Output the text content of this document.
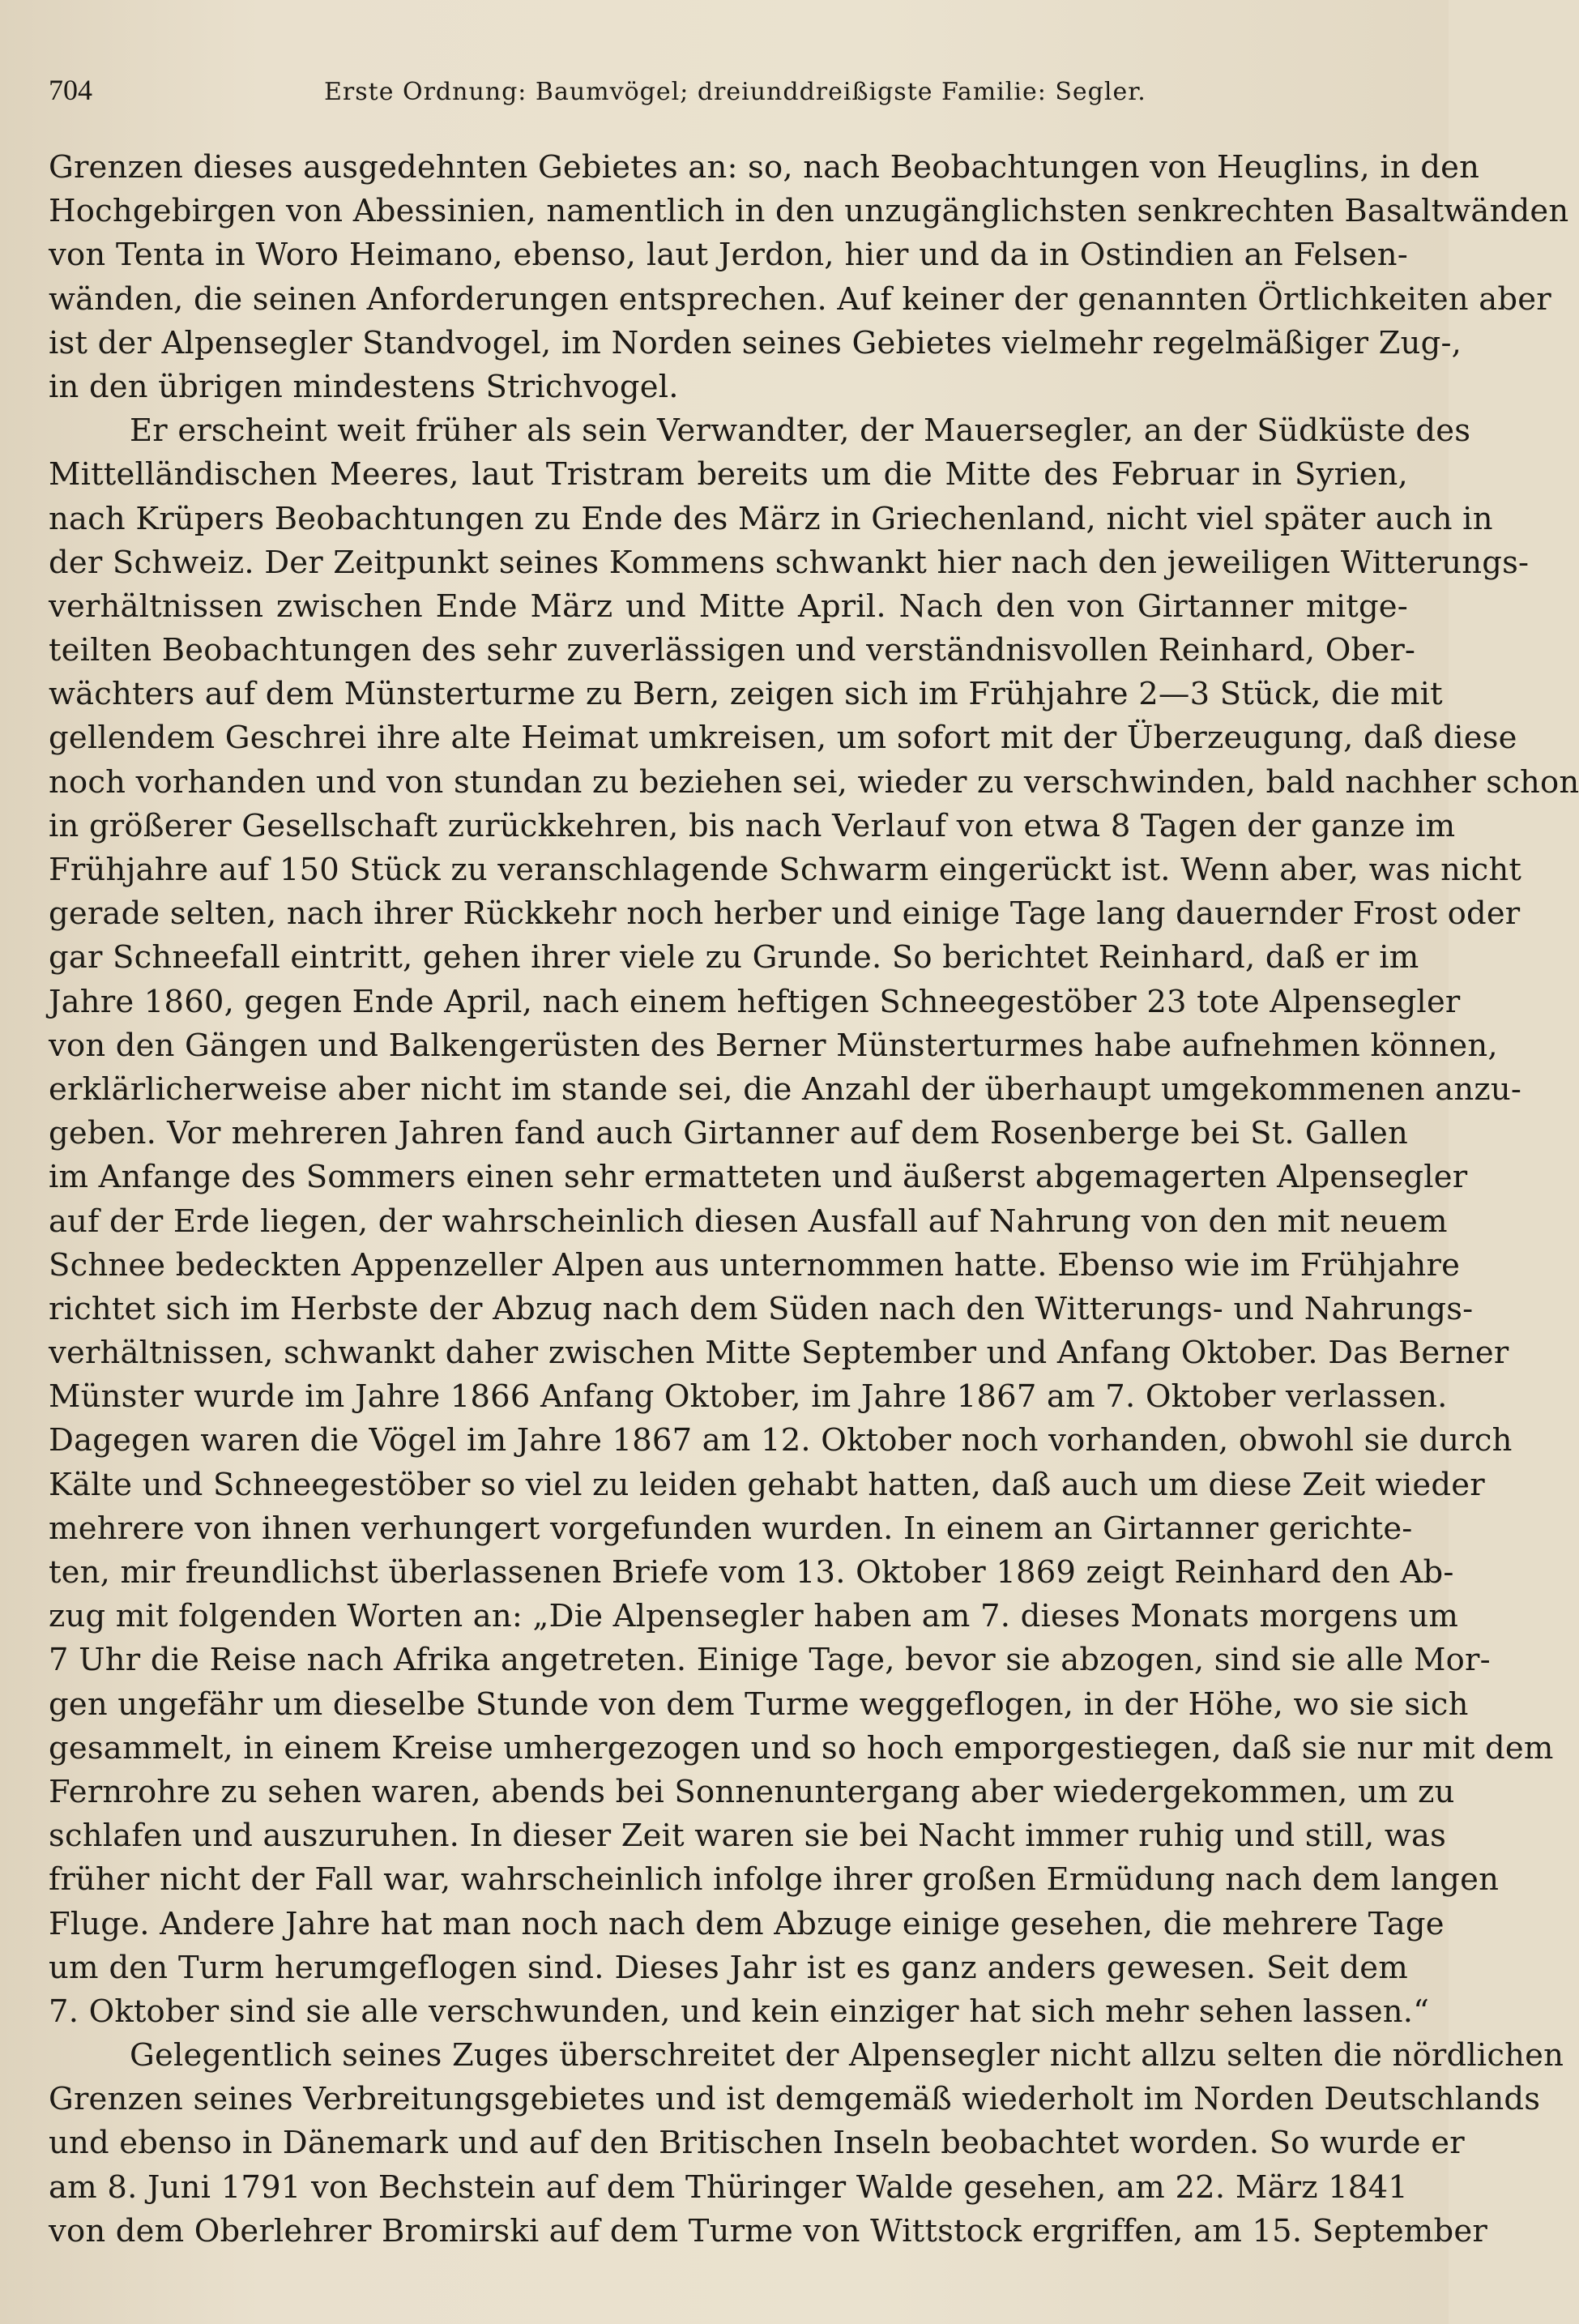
704	Erste Ordnung: Baumvögel; dreiunddreißigste Familie: Segler.
Grenzen dieses ausgedehnten Gebietes an: so, nach Beobachtungen von Heuglins, in den
Hochgebirgen von Abessinien, namentlich in den unzugänglichsten senkrechten Basaltwänden
von Tenta in Woro Heimano, ebenso, laut Jerdon, hier und da in Ostindien an Felsen-
wänden, die seinen Anforderungen entsprechen. Auf keiner der genannten Örtlichkeiten aber
ist der Alpensegler Standvogel, im Norden seines Gebietes vielmehr regelmäßiger Zug-,
in den übrigen mindestens Strichvogel.
Er erscheint weit früher als sein Verwandter, der Mauersegler, an der Südküste des
Mittelländischen Meeres, laut Tristram bereits um die Mitte des Februar in Syrien,
nach Krüpers Beobachtungen zu Ende des März in Griechenland, nicht viel später auch in
der Schweiz. Der Zeitpunkt seines Kommens schwankt hier nach den jeweiligen Witterungs-
verhältnissen zwischen Ende März und Mitte April. Nach den von Girtanner mitge-
teilten Beobachtungen des sehr zuverlässigen und verständnisvollen Reinhard, Ober-
wächters auf dem Münsterturme zu Bern, zeigen sich im Frühjahre 2—3 Stück, die mit
gellendem Geschrei ihre alte Heimat umkreisen, um sofort mit der Überzeugung, daß diese
noch vorhanden und von stundan zu beziehen sei, wieder zu verschwinden, bald nachher schon
in größerer Gesellschaft zurückkehren, bis nach Verlauf von etwa 8 Tagen der ganze im
Frühjahre auf 150 Stück zu veranschlagende Schwarm eingerückt ist. Wenn aber, was nicht
gerade selten, nach ihrer Rückkehr noch herber und einige Tage lang dauernder Frost oder
gar Schneefall eintritt, gehen ihrer viele zu Grunde. So berichtet Reinhard, daß er im
Jahre 1860, gegen Ende April, nach einem heftigen Schneegestöber 23 tote Alpensegler
von den Gängen und Balkengerüsten des Berner Münsterturmes habe aufnehmen können,
erklärlicherweise aber nicht im stande sei, die Anzahl der überhaupt umgekommenen anzu-
geben. Vor mehreren Jahren fand auch Girtanner auf dem Rosenberge bei St. Gallen
im Anfange des Sommers einen sehr ermatteten und äußerst abgemagerten Alpensegler
auf der Erde liegen, der wahrscheinlich diesen Ausfall auf Nahrung von den mit neuem
Schnee bedeckten Appenzeller Alpen aus unternommen hatte. Ebenso wie im Frühjahre
richtet sich im Herbste der Abzug nach dem Süden nach den Witterungs- und Nahrungs-
verhältnissen, schwankt daher zwischen Mitte September und Anfang Oktober. Das Berner
Münster wurde im Jahre 1866 Anfang Oktober, im Jahre 1867 am 7. Oktober verlassen.
Dagegen waren die Vögel im Jahre 1867 am 12. Oktober noch vorhanden, obwohl sie durch
Kälte und Schneegestöber so viel zu leiden gehabt hatten, daß auch um diese Zeit wieder
mehrere von ihnen verhungert vorgefunden wurden. In einem an Girtanner gerichte-
ten, mir freundlichst überlassenen Briefe vom 13. Oktober 1869 zeigt Reinhard den Ab-
zug mit folgenden Worten an: „Die Alpensegler haben am 7. dieses Monats morgens um
7 Uhr die Reise nach Afrika angetreten. Einige Tage, bevor sie abzogen, sind sie alle Mor-
gen ungefähr um dieselbe Stunde von dem Turme weggeflogen, in der Höhe, wo sie sich
gesammelt, in einem Kreise umhergezogen und so hoch emporgestiegen, daß sie nur mit dem
Fernrohre zu sehen waren, abends bei Sonnenuntergang aber wiedergekommen, um zu
schlafen und auszuruhen. In dieser Zeit waren sie bei Nacht immer ruhig und still, was
früher nicht der Fall war, wahrscheinlich infolge ihrer großen Ermüdung nach dem langen
Fluge. Andere Jahre hat man noch nach dem Abzuge einige gesehen, die mehrere Tage
um den Turm herumgeflogen sind. Dieses Jahr ist es ganz anders gewesen. Seit dem
7. Oktober sind sie alle verschwunden, und kein einziger hat sich mehr sehen lassen.“
Gelegentlich seines Zuges überschreitet der Alpensegler nicht allzu selten die nördlichen
Grenzen seines Verbreitungsgebietes und ist demgemäß wiederholt im Norden Deutschlands
und ebenso in Dänemark und auf den Britischen Inseln beobachtet worden. So wurde er
am 8. Juni 1791 von Bechstein auf dem Thüringer Walde gesehen, am 22. März 1841
von dem Oberlehrer Bromirski auf dem Turme von Wittstock ergriffen, am 15. September
